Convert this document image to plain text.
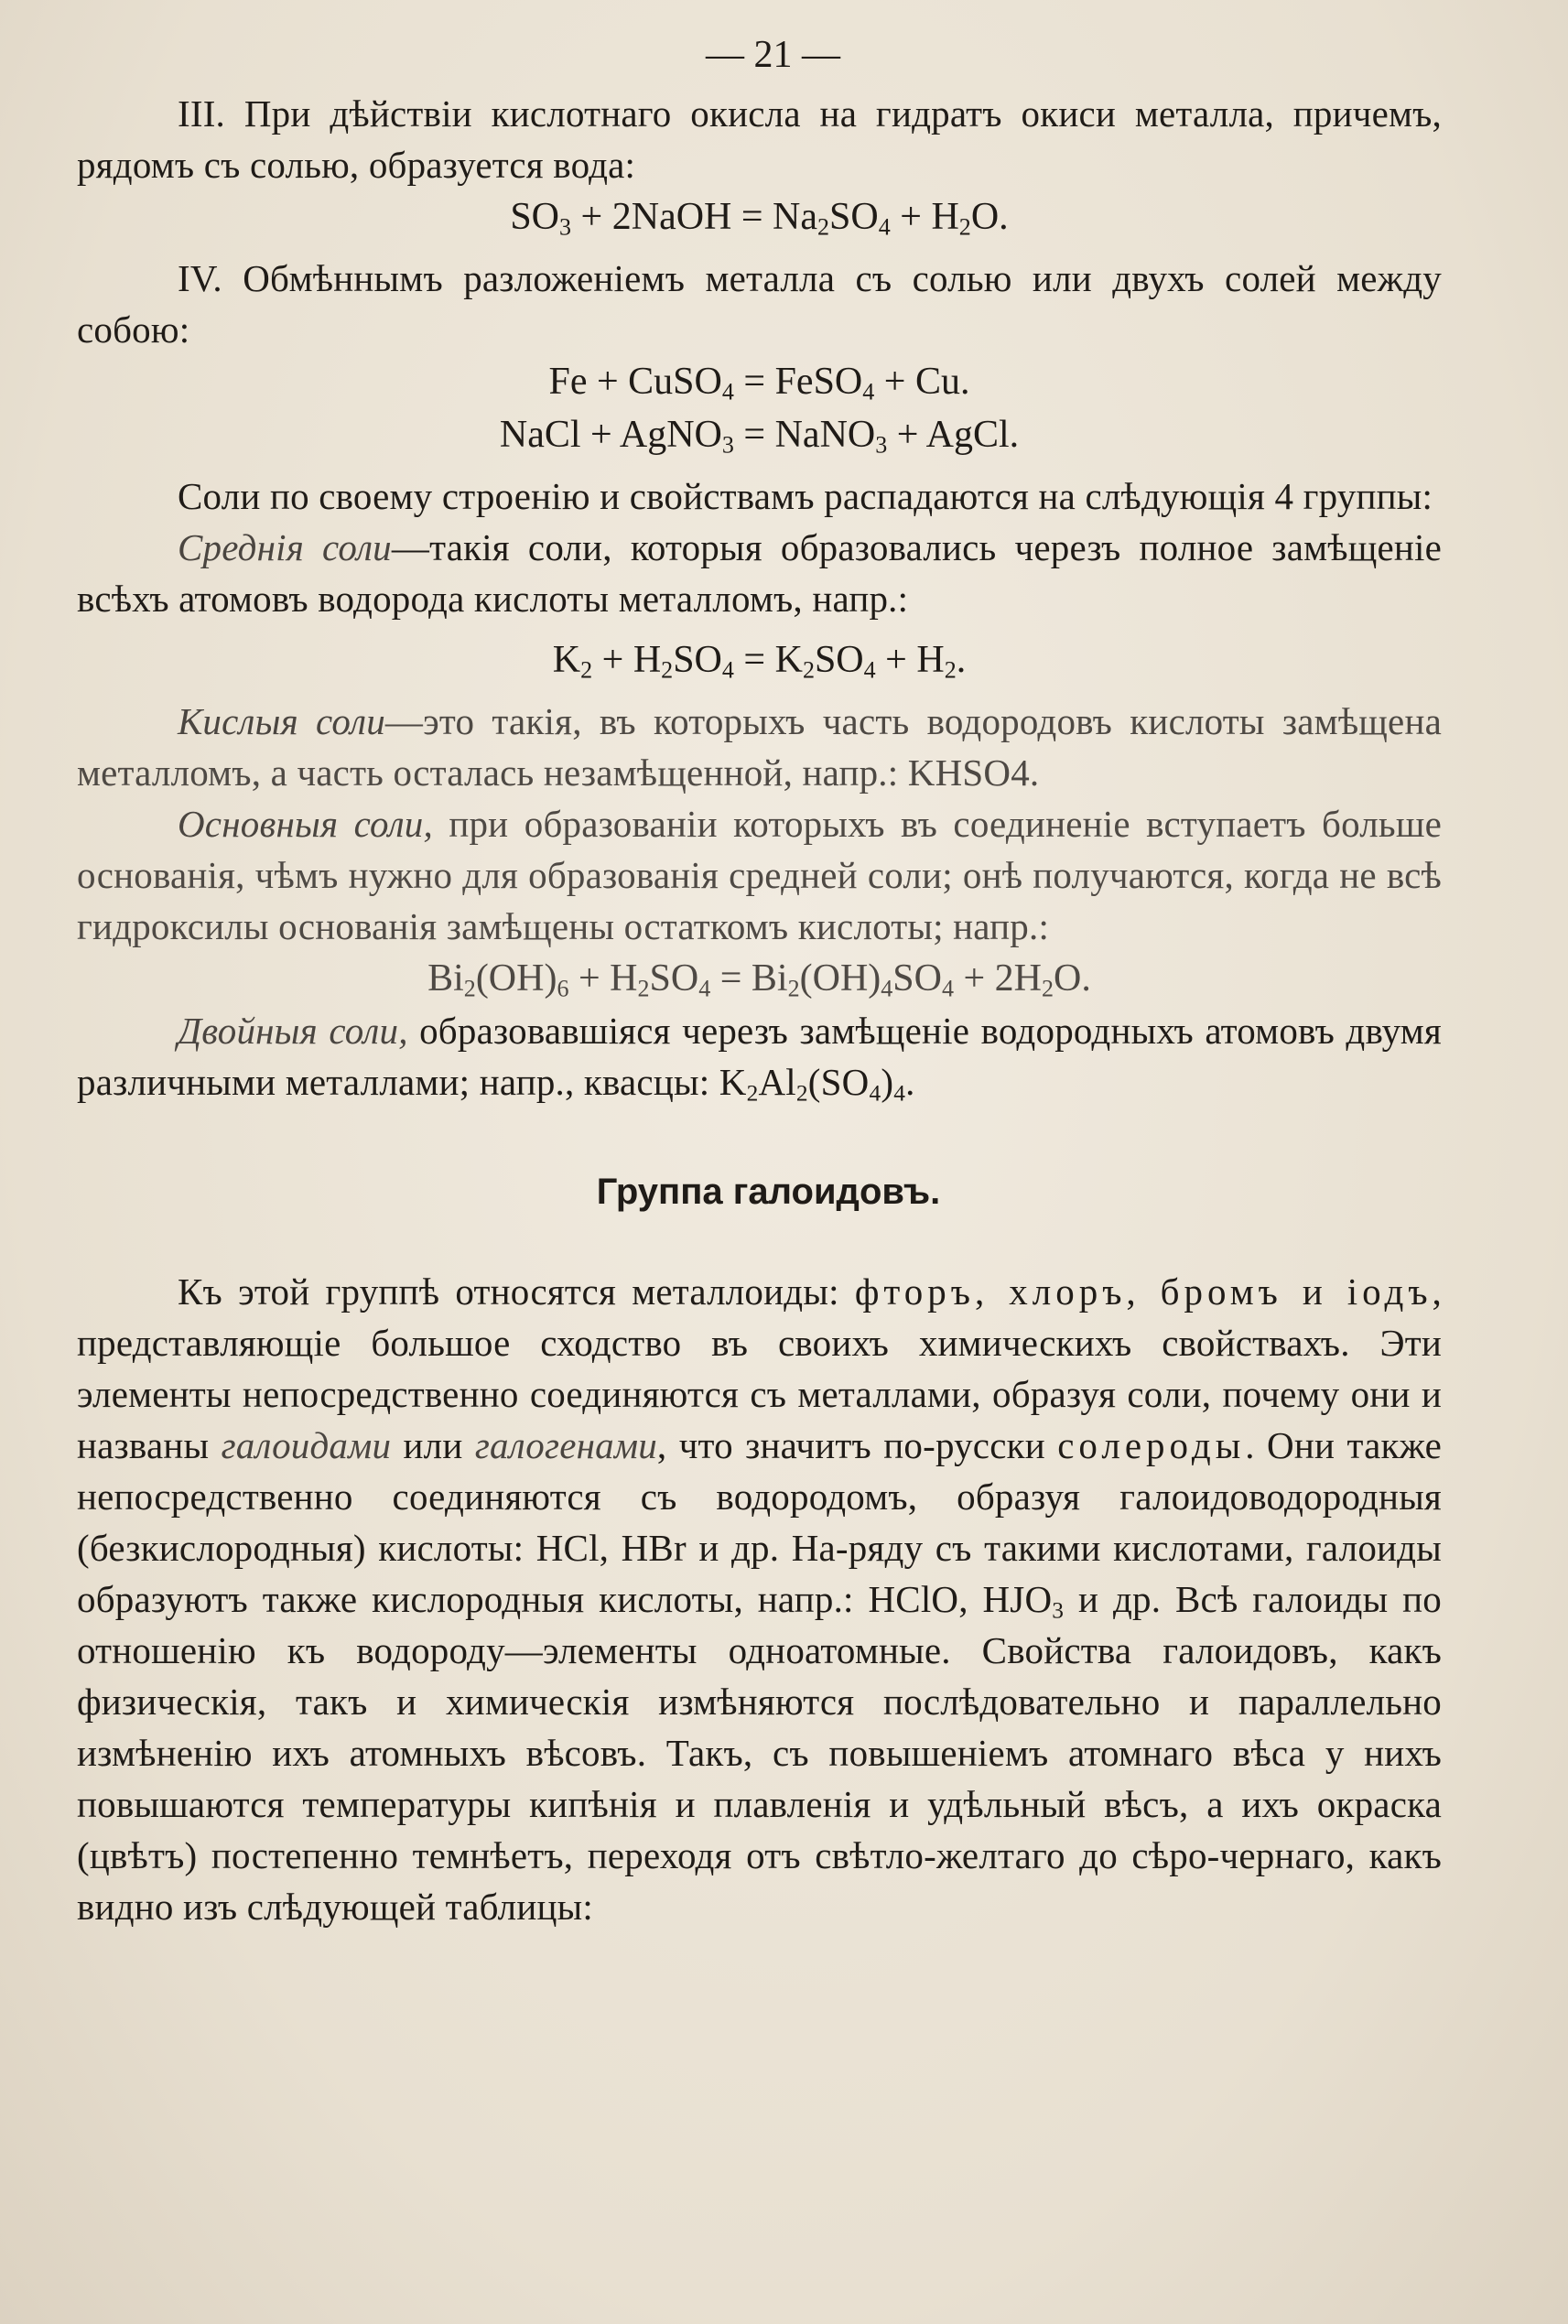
— 21 —

III. При дѣйствіи кислотнаго окисла на гидратъ окиси металла, причемъ, рядомъ съ солью, образуется вода:

$SO_3$ + 2NaOH = $Na_2SO_4 + H_2O$.

IV. Обмѣннымъ разложеніемъ металла съ солью или двухъ солей между собою:

Fe + CuSO$_4$ = FeSO$_4$ + Cu.

NaCl + AgNO$_3$ = NaNO$_3$ + AgCl.

Соли по своему строенію и свойствамъ распадаются на слѣдующія 4 группы:

Среднія соли—такія соли, которыя образовались черезъ полное замѣщеніе всѣхъ атомовъ водорода кислоты металломъ, напр.:

$K_2 + H_2SO_4 = K_2SO_4 + H_2$.

Кислыя соли—это такія, въ которыхъ часть водородовъ кислоты замѣщена металломъ, а часть осталась незамѣщенной, напр.: KHSO4.

Основныя соли, при образованіи которыхъ въ соединеніе вступаетъ больше основанія, чѣмъ нужно для образованія средней соли; онѣ получаются, когда не всѣ гидроксилы основанія замѣщены остаткомъ кислоты; напр.:

$Bi_2(OH)_6 + H_2SO_4 = Bi_2(OH)_4SO_4 + 2H_2O$.

Двойныя соли, образовавшіяся черезъ замѣщеніе водородныхъ атомовъ двумя различными металлами; напр., квасцы: $K_2Al_2(SO_4)_4$.

Группа галоидовъ.

Къ этой группѣ относятся металлоиды: фторъ, хлоръ, бромъ и іодъ, представляющіе большое сходство въ своихъ химическихъ свойствахъ. Эти элементы непосредственно соединяются съ металлами, образуя соли, почему они и названы галоидами или галогенами, что значитъ по-русски солероды. Они также непосредственно соединяются съ водородомъ, образуя галоидоводородныя (безкислородныя) кислоты: HCl, HBr и др. На-ряду съ такими кислотами, галоиды образуютъ также кислородныя кислоты, напр.: HClO, $HJO_3$ и др. Всѣ галоиды по отношенію къ водороду—элементы одноатомные. Свойства галоидовъ, какъ физическія, такъ и химическія измѣняются послѣдовательно и параллельно измѣненію ихъ атомныхъ вѣсовъ. Такъ, съ повышеніемъ атомнаго вѣса у нихъ повышаются температуры кипѣнія и плавленія и удѣльный вѣсъ, а ихъ окраска (цвѣтъ) постепенно темнѣетъ, переходя отъ свѣтло-желтаго до сѣро-чернаго, какъ видно изъ слѣдующей таблицы:
